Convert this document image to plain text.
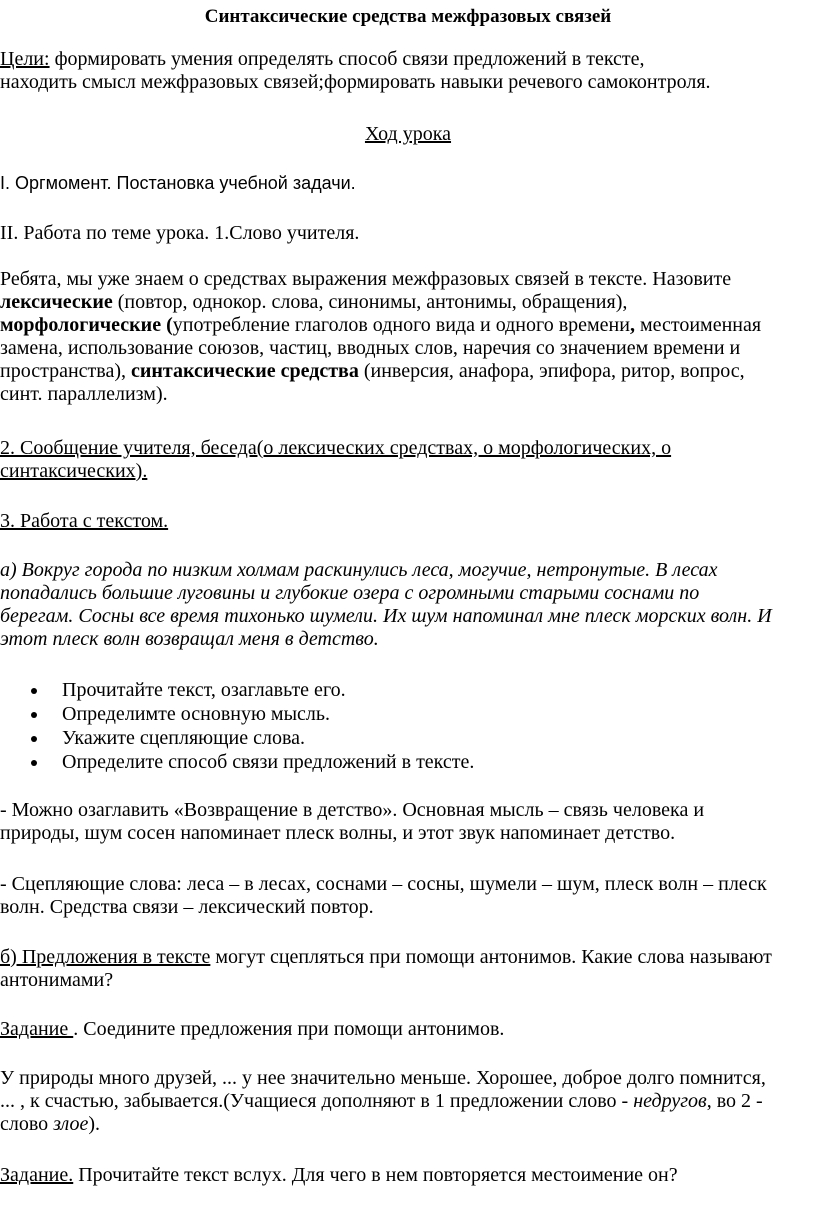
Синтаксические средства межфразовых связей
Цели: формировать умения определять способ связи предложений в тексте,
находить смысл межфразовых связей;формировать навыки речевого самоконтроля.
Ход урока
I. Оргмомент. Постановка учебной задачи.
II. Работа по теме урока. 1.Слово учителя.
Ребята, мы уже знаем о средствах выражения межфразовых связей в тексте. Назовите
лексические (повтор, однокор. слова, синонимы, антонимы, обращения),
морфологические (употребление глаголов одного вида и одного времени, местоименная
замена, использование союзов, частиц, вводных слов, наречия со значением времени и
пространства), синтаксические средства (инверсия, анафора, эпифора, ритор, вопрос,
синт. параллелизм).
2. Сообщение учителя, беседа(о лексических средствах, о морфологических, о
синтаксических).
3. Работа с текстом.
а) Вокруг города по низким холмам раскинулись леса, могучие, нетронутые. В лесах
попадались большие луговины и глубокие озера с огромными старыми соснами по
берегам. Сосны все время тихонько шумели. Их шум напоминал мне плеск морских волн. И
этот плеск волн возвращал меня в детство.
Прочитайте текст, озаглавьте его.
Определимте основную мысль.
Укажите сцепляющие слова.
Определите способ связи предложений в тексте.
- Можно озаглавить «Возвращение в детство». Основная мысль – связь человека и
природы, шум сосен напоминает плеск волны, и этот звук напоминает детство.
- Сцепляющие слова: леса – в лесах, соснами – сосны, шумели – шум, плеск волн – плеск
волн. Средства связи – лексический повтор.
б) Предложения в тексте могут сцепляться при помощи антонимов. Какие слова называют
антонимами?
Задание . Соедините предложения при помощи антонимов.
У природы много друзей, ... у нее значительно меньше. Хорошее, доброе долго помнится,
... , к счастью, забывается.(Учащиеся дополняют в 1 предложении слово - недругов, во 2 -
слово злое).
Задание. Прочитайте текст вслух. Для чего в нем повторяется местоимение он?
